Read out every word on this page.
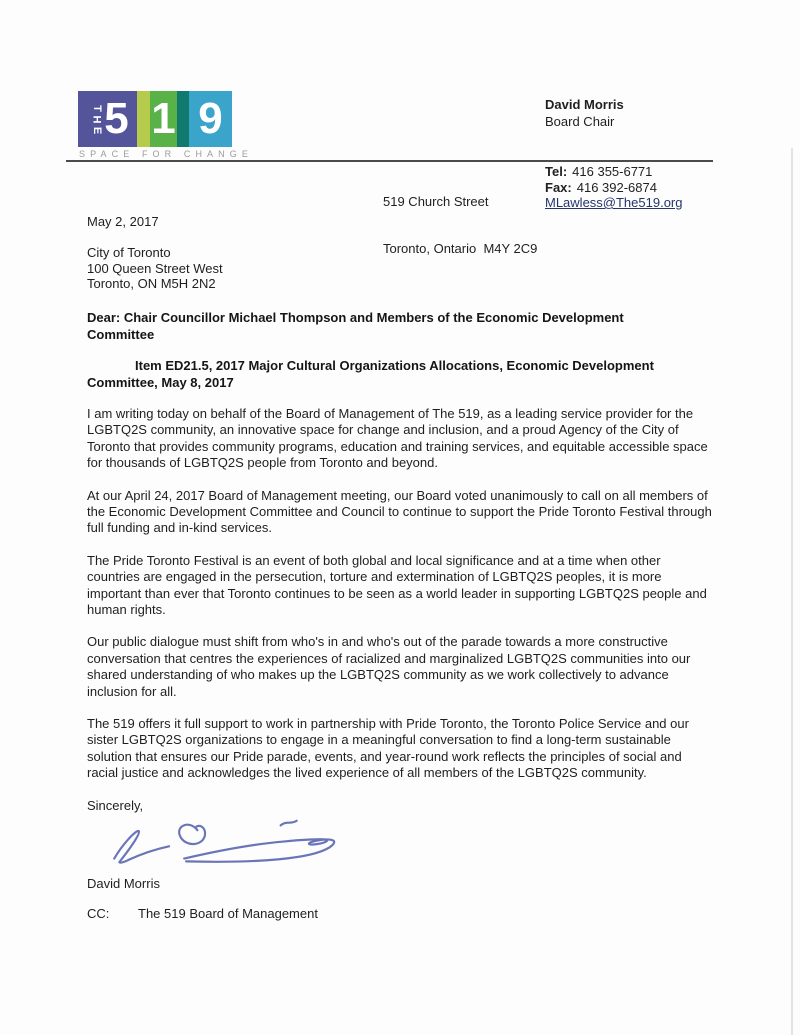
T
H
E 5 1 9
SPACE FOR CHANGE
David Morris
Board Chair

519 Church Street

Toronto, Ontario  M4Y 2C9

Tel: 416 355-6771
Fax: 416 392-6874
MLawless@The519.org

May 2, 2017

City of Toronto
100 Queen Street West
Toronto, ON M5H 2N2

Dear: Chair Councillor Michael Thompson and Members of the Economic Development Committee

Item ED21.5, 2017 Major Cultural Organizations Allocations, Economic Development Committee, May 8, 2017

I am writing today on behalf of the Board of Management of The 519, as a leading service provider for the LGBTQ2S community, an innovative space for change and inclusion, and a proud Agency of the City of Toronto that provides community programs, education and training services, and equitable accessible space for thousands of LGBTQ2S people from Toronto and beyond.

At our April 24, 2017 Board of Management meeting, our Board voted unanimously to call on all members of the Economic Development Committee and Council to continue to support the Pride Toronto Festival through full funding and in-kind services.

The Pride Toronto Festival is an event of both global and local significance and at a time when other countries are engaged in the persecution, torture and extermination of LGBTQ2S peoples, it is more important than ever that Toronto continues to be seen as a world leader in supporting LGBTQ2S people and human rights.

Our public dialogue must shift from who's in and who's out of the parade towards a more constructive conversation that centres the experiences of racialized and marginalized LGBTQ2S communities into our shared understanding of who makes up the LGBTQ2S community as we work collectively to advance inclusion for all.

The 519 offers it full support to work in partnership with Pride Toronto, the Toronto Police Service and our sister LGBTQ2S organizations to engage in a meaningful conversation to find a long-term sustainable solution that ensures our Pride parade, events, and year-round work reflects the principles of social and racial justice and acknowledges the lived experience of all members of the LGBTQ2S community.

Sincerely,

David Morris

CC:	The 519 Board of Management
